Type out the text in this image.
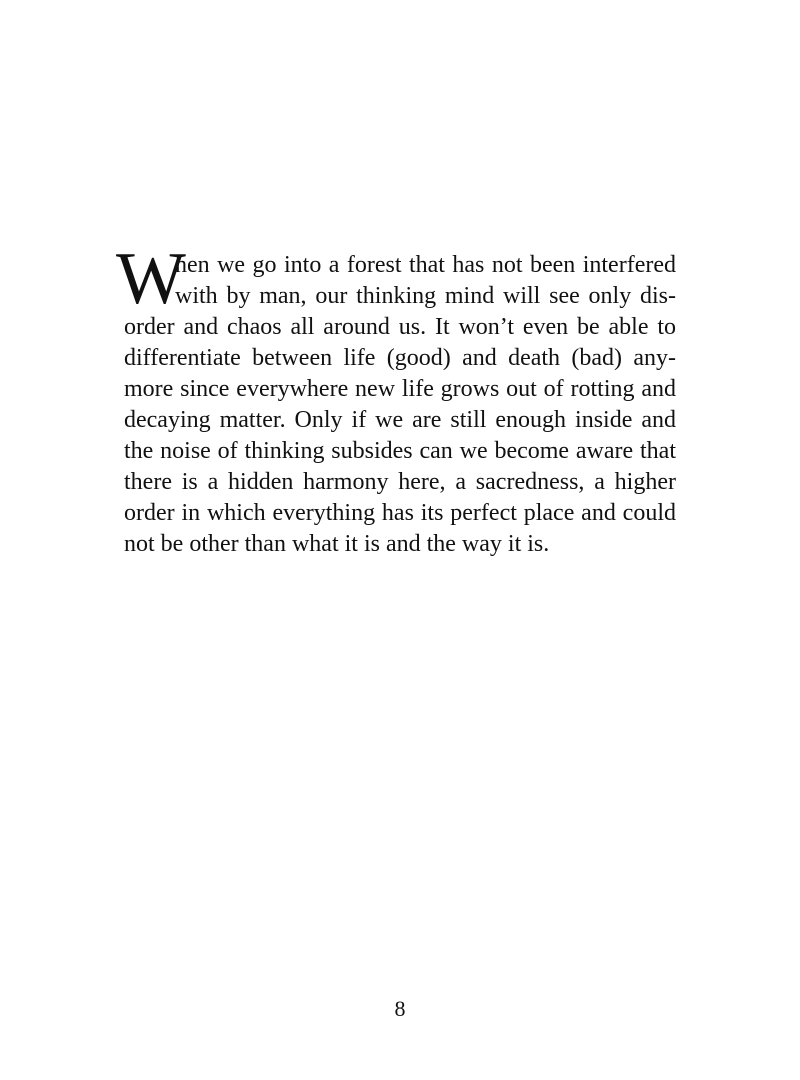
W
hen we go into a forest that has not been interfered
with by man, our thinking mind will see only dis-
order and chaos all around us. It won’t even be able to
differentiate between life (good) and death (bad) any-
more since everywhere new life grows out of rotting and
decaying matter. Only if we are still enough inside and
the noise of thinking subsides can we become aware that
there is a hidden harmony here, a sacredness, a higher
order in which everything has its perfect place and could
not be other than what it is and the way it is.
8
